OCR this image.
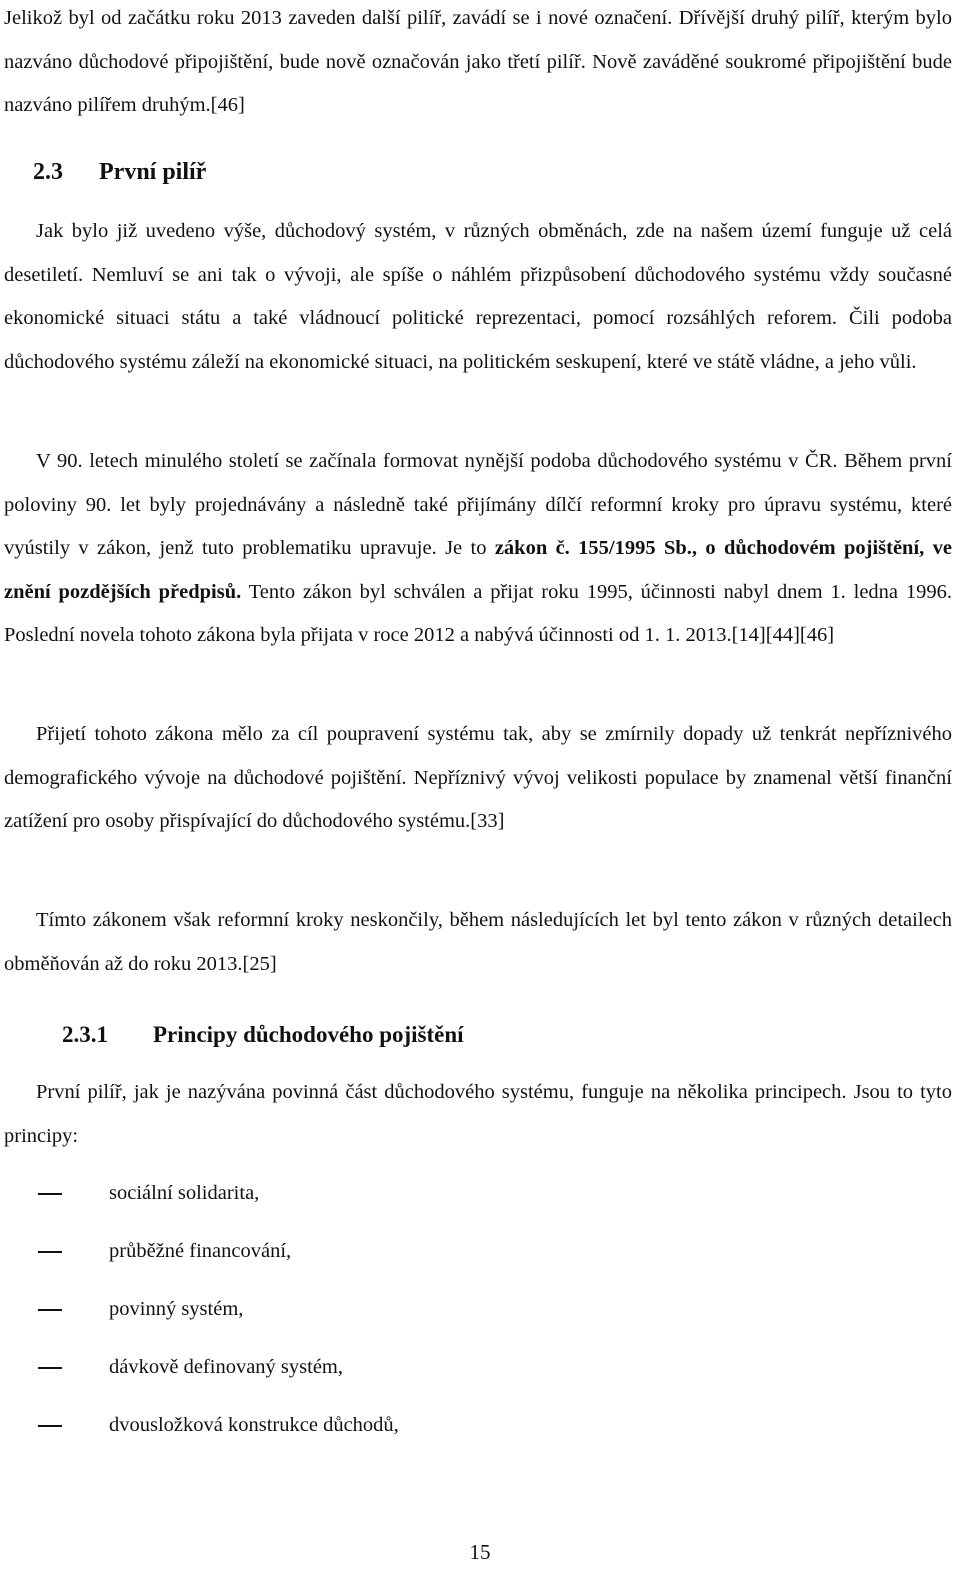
Jelikož byl od začátku roku 2013 zaveden další pilíř, zavádí se i nové označení. Dřívější druhý pilíř, kterým bylo nazváno důchodové připojištění, bude nově označován jako třetí pilíř. Nově zaváděné soukromé připojištění bude nazváno pilířem druhým.[46]

2.3 První pilíř

Jak bylo již uvedeno výše, důchodový systém, v různých obměnách, zde na našem území funguje už celá desetiletí. Nemluví se ani tak o vývoji, ale spíše o náhlém přizpůsobení důchodového systému vždy současné ekonomické situaci státu a také vládnoucí politické reprezentaci, pomocí rozsáhlých reforem. Čili podoba důchodového systému záleží na ekonomické situaci, na politickém seskupení, které ve státě vládne, a jeho vůli.

V 90. letech minulého století se začínala formovat nynější podoba důchodového systému v ČR. Během první poloviny 90. let byly projednávány a následně také přijímány dílčí reformní kroky pro úpravu systému, které vyústily v zákon, jenž tuto problematiku upravuje. Je to zákon č. 155/1995 Sb., o důchodovém pojištění, ve znění pozdějších předpisů. Tento zákon byl schválen a přijat roku 1995, účinnosti nabyl dnem 1. ledna 1996. Poslední novela tohoto zákona byla přijata v roce 2012 a nabývá účinnosti od 1. 1. 2013.[14][44][46]

Přijetí tohoto zákona mělo za cíl poupravení systému tak, aby se zmírnily dopady už tenkrát nepříznivého demografického vývoje na důchodové pojištění. Nepříznivý vývoj velikosti populace by znamenal větší finanční zatížení pro osoby přispívající do důchodového systému.[33]

Tímto zákonem však reformní kroky neskončily, během následujících let byl tento zákon v různých detailech obměňován až do roku 2013.[25]

2.3.1 Principy důchodového pojištění

První pilíř, jak je nazývána povinná část důchodového systému, funguje na několika principech. Jsou to tyto principy:

sociální solidarita,
průběžné financování,
povinný systém,
dávkově definovaný systém,
dvousložková konstrukce důchodů,
15
